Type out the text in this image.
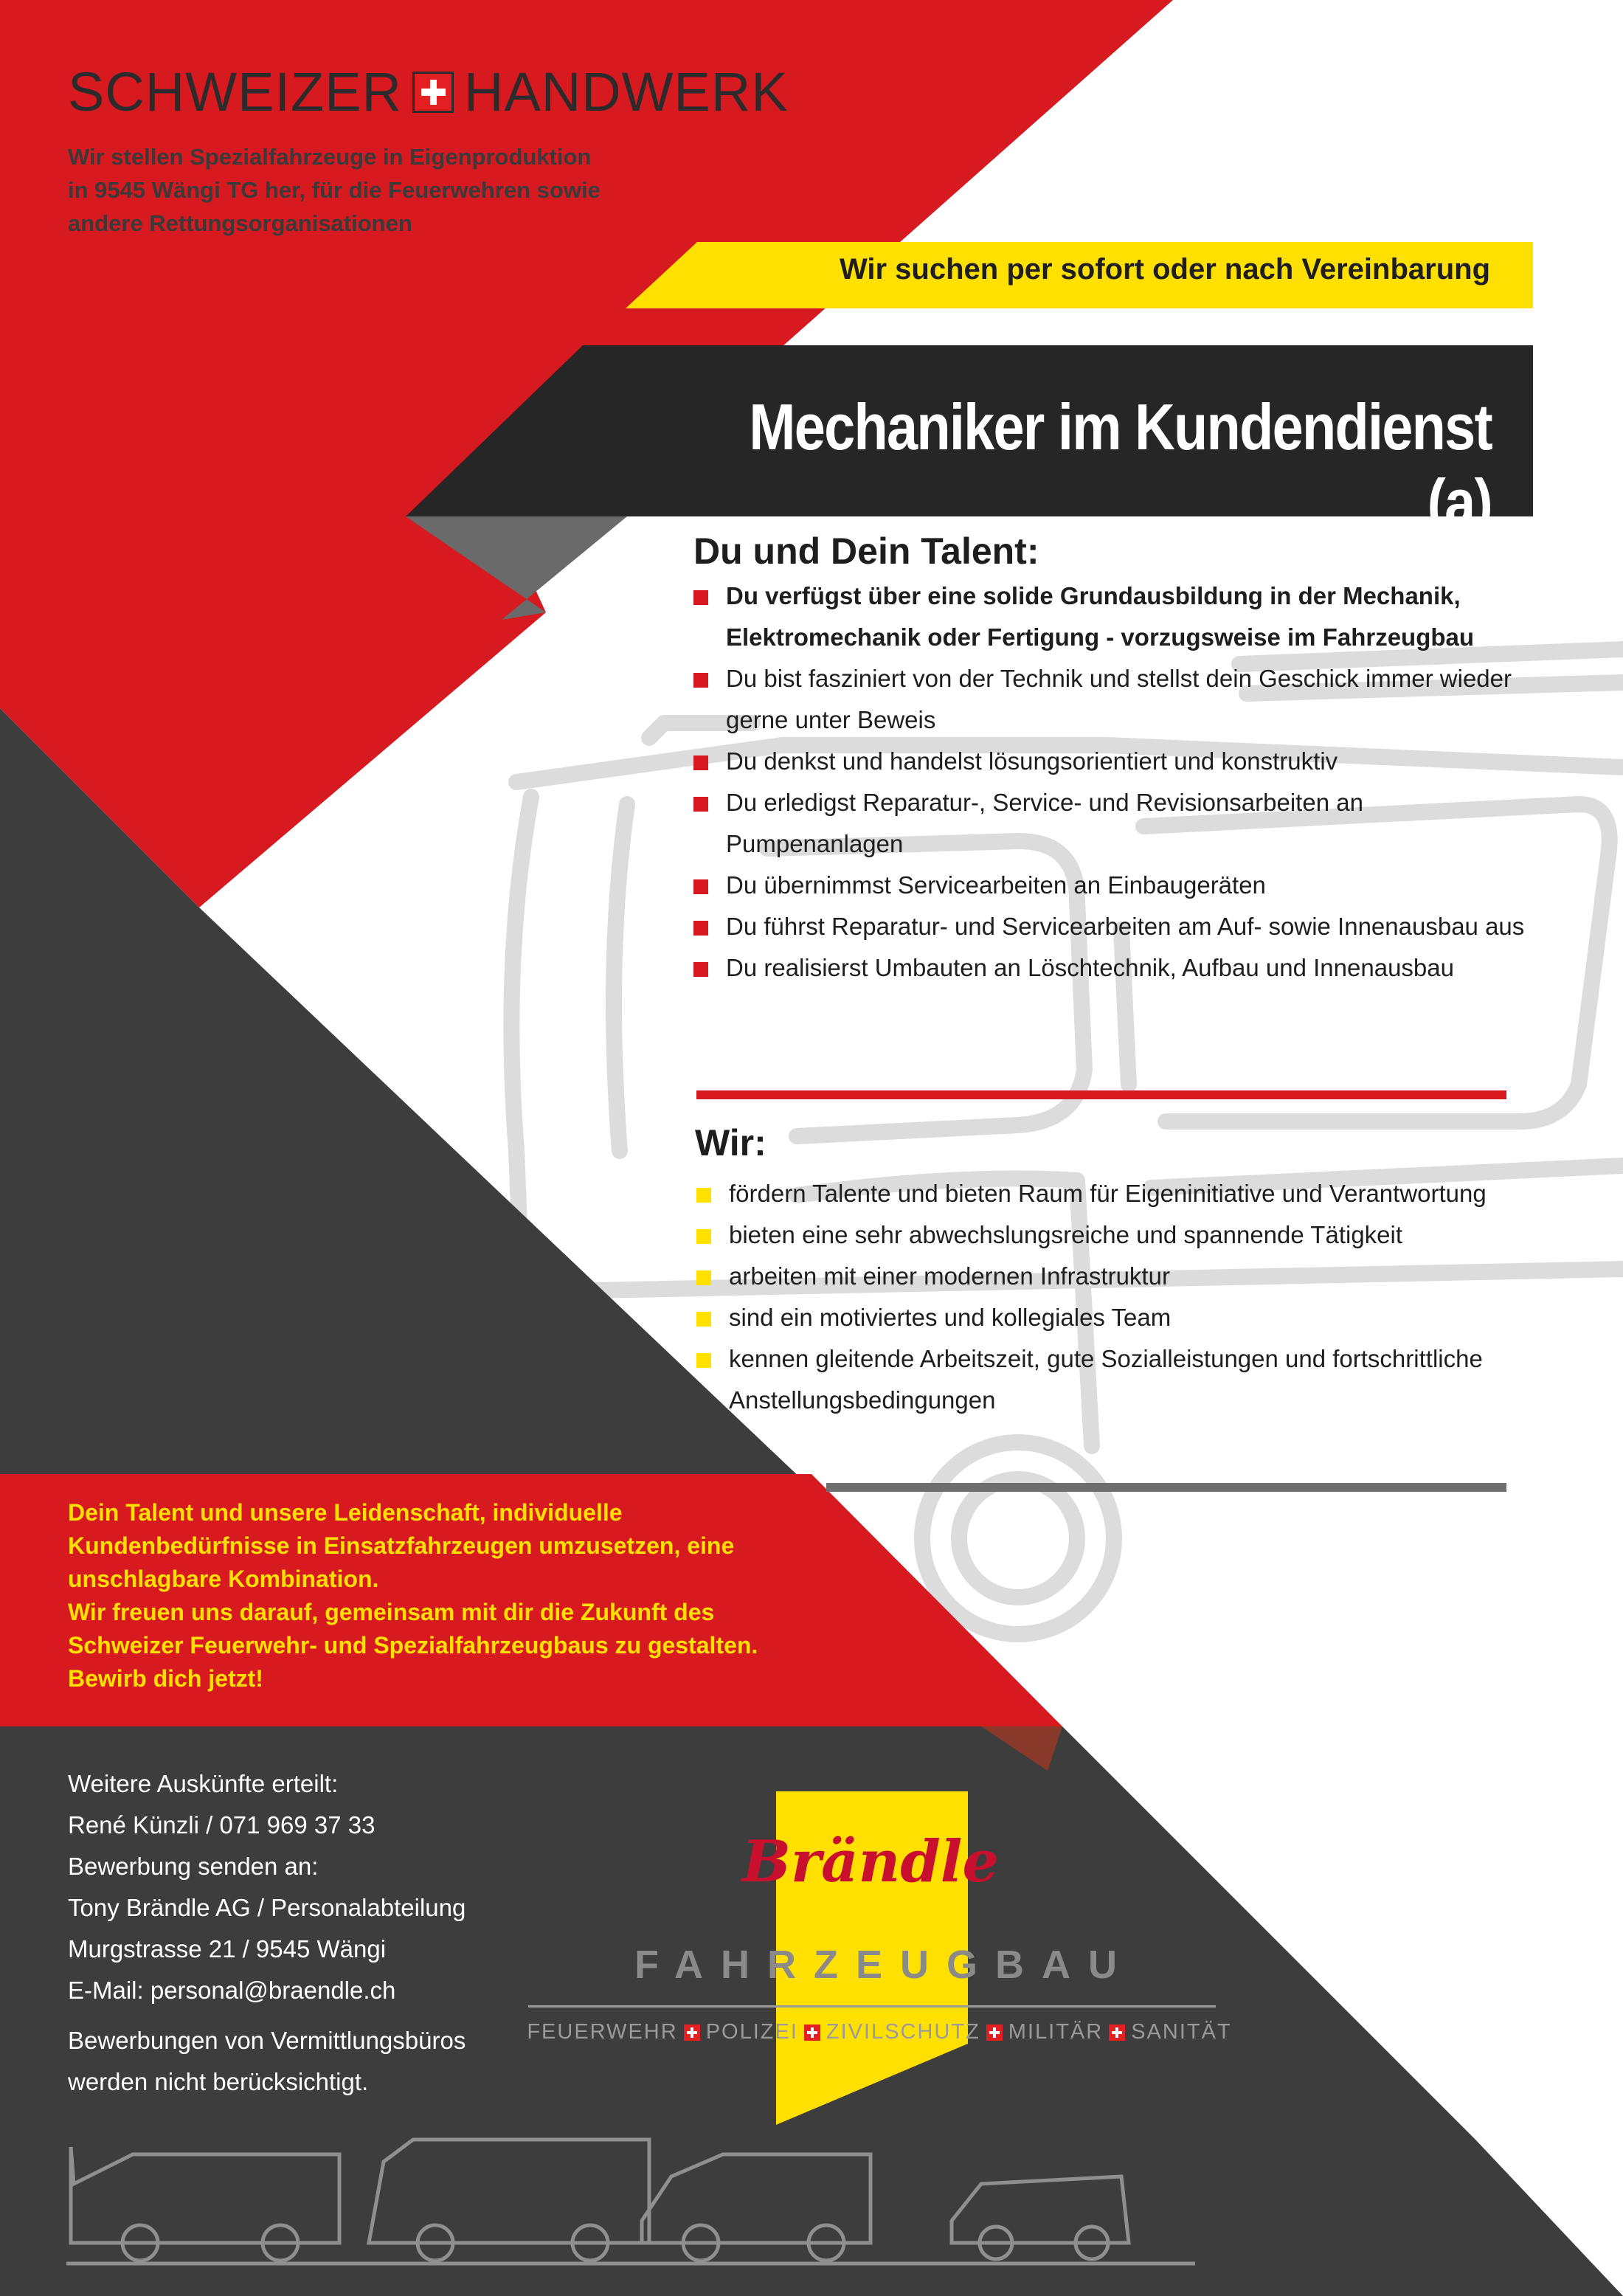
SCHWEIZER HANDWERK
Wir stellen Spezialfahrzeuge in Eigenproduktion
in 9545 Wängi TG her, für die Feuerwehren sowie
andere Rettungsorganisationen
Wir suchen per sofort oder nach Vereinbarung
Mechaniker im Kundendienst (a)
Du und Dein Talent:
Du verfügst über eine solide Grundausbildung in der Mechanik, Elektromechanik oder Fertigung - vorzugsweise im Fahrzeugbau
Du bist fasziniert von der Technik und stellst dein Geschick immer wieder gerne unter Beweis
Du denkst und handelst lösungsorientiert und konstruktiv
Du erledigst Reparatur-, Service- und Revisionsarbeiten an Pumpenanlagen
Du übernimmst Servicearbeiten an Einbaugeräten
Du führst Reparatur- und Servicearbeiten am Auf- sowie Innenausbau aus
Du realisierst Umbauten an Löschtechnik, Aufbau und Innenausbau
Wir:
fördern Talente und bieten Raum für Eigeninitiative und Verantwortung
bieten eine sehr abwechslungsreiche und spannende Tätigkeit
arbeiten mit einer modernen Infrastruktur
sind ein motiviertes und kollegiales Team
kennen gleitende Arbeitszeit, gute Sozialleistungen und fortschrittliche Anstellungsbedingungen
Dein Talent und unsere Leidenschaft, individuelle
Kundenbedürfnisse in Einsatzfahrzeugen umzusetzen, eine
unschlagbare Kombination.
Wir freuen uns darauf, gemeinsam mit dir die Zukunft des
Schweizer Feuerwehr- und Spezialfahrzeugbaus zu gestalten.
Bewirb dich jetzt!
Weitere Auskünfte erteilt:
René Künzli / 071 969 37 33
Bewerbung senden an:
Tony Brändle AG / Personalabteilung
Murgstrasse 21 / 9545 Wängi
E-Mail: personal@braendle.ch
Bewerbungen von Vermittlungsbüros
werden nicht berücksichtigt.
Brändle
FAHRZEUGBAU
FEUERWEHR POLIZEI ZIVILSCHUTZ MILITÄR SANITÄT
